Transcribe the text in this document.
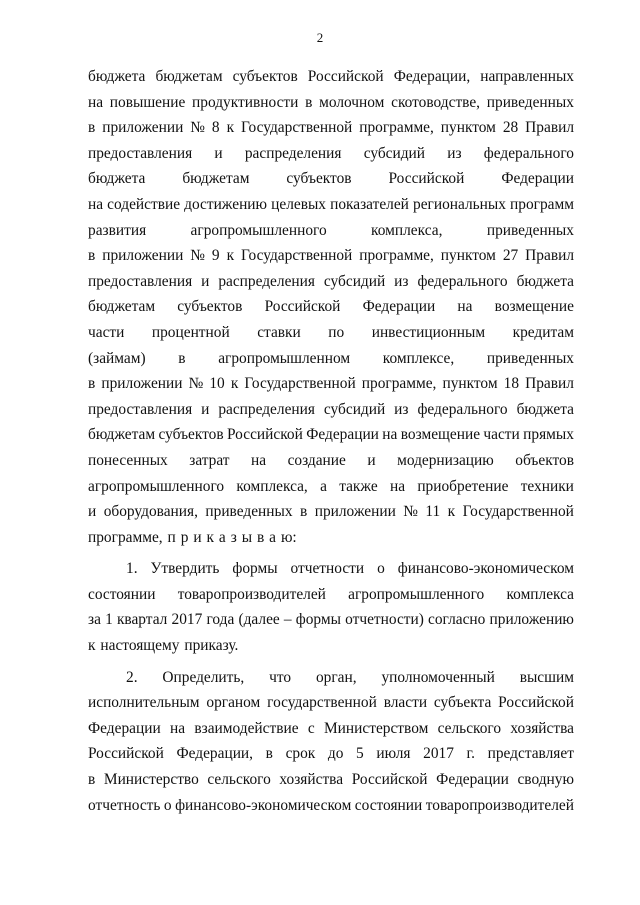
2
бюджета бюджетам субъектов Российской Федерации, направленных
на повышение продуктивности в молочном скотоводстве, приведенных
в приложении № 8 к Государственной программе, пунктом 28 Правил
предоставления и распределения субсидий из федерального
бюджета бюджетам субъектов Российской Федерации
на содействие достижению целевых показателей региональных программ
развития	агропромышленного	комплекса,	приведенных
в приложении № 9 к Государственной программе, пунктом 27 Правил
предоставления и распределения субсидий из федерального бюджета
бюджетам субъектов Российской Федерации на возмещение
части процентной ставки по инвестиционным кредитам
(займам) в агропромышленном комплексе, приведенных
в приложении № 10 к Государственной программе, пунктом 18 Правил
предоставления и распределения субсидий из федерального бюджета
бюджетам субъектов Российской Федерации на возмещение части прямых
понесенных затрат на создание и модернизацию объектов
агропромышленного комплекса, а также на приобретение техники
и оборудования, приведенных в приложении № 11 к Государственной
программе, п р и к а з ы в а ю:
1. Утвердить формы отчетности о финансово-экономическом
состоянии товаропроизводителей агропромышленного комплекса
за 1 квартал 2017 года (далее – формы отчетности) согласно приложению
к настоящему приказу.
2. Определить, что орган, уполномоченный высшим
исполнительным органом государственной власти субъекта Российской
Федерации на взаимодействие с Министерством сельского хозяйства
Российской Федерации, в срок до 5 июля 2017 г. представляет
в Министерство сельского хозяйства Российской Федерации сводную
отчетность о финансово-экономическом состоянии товаропроизводителей
